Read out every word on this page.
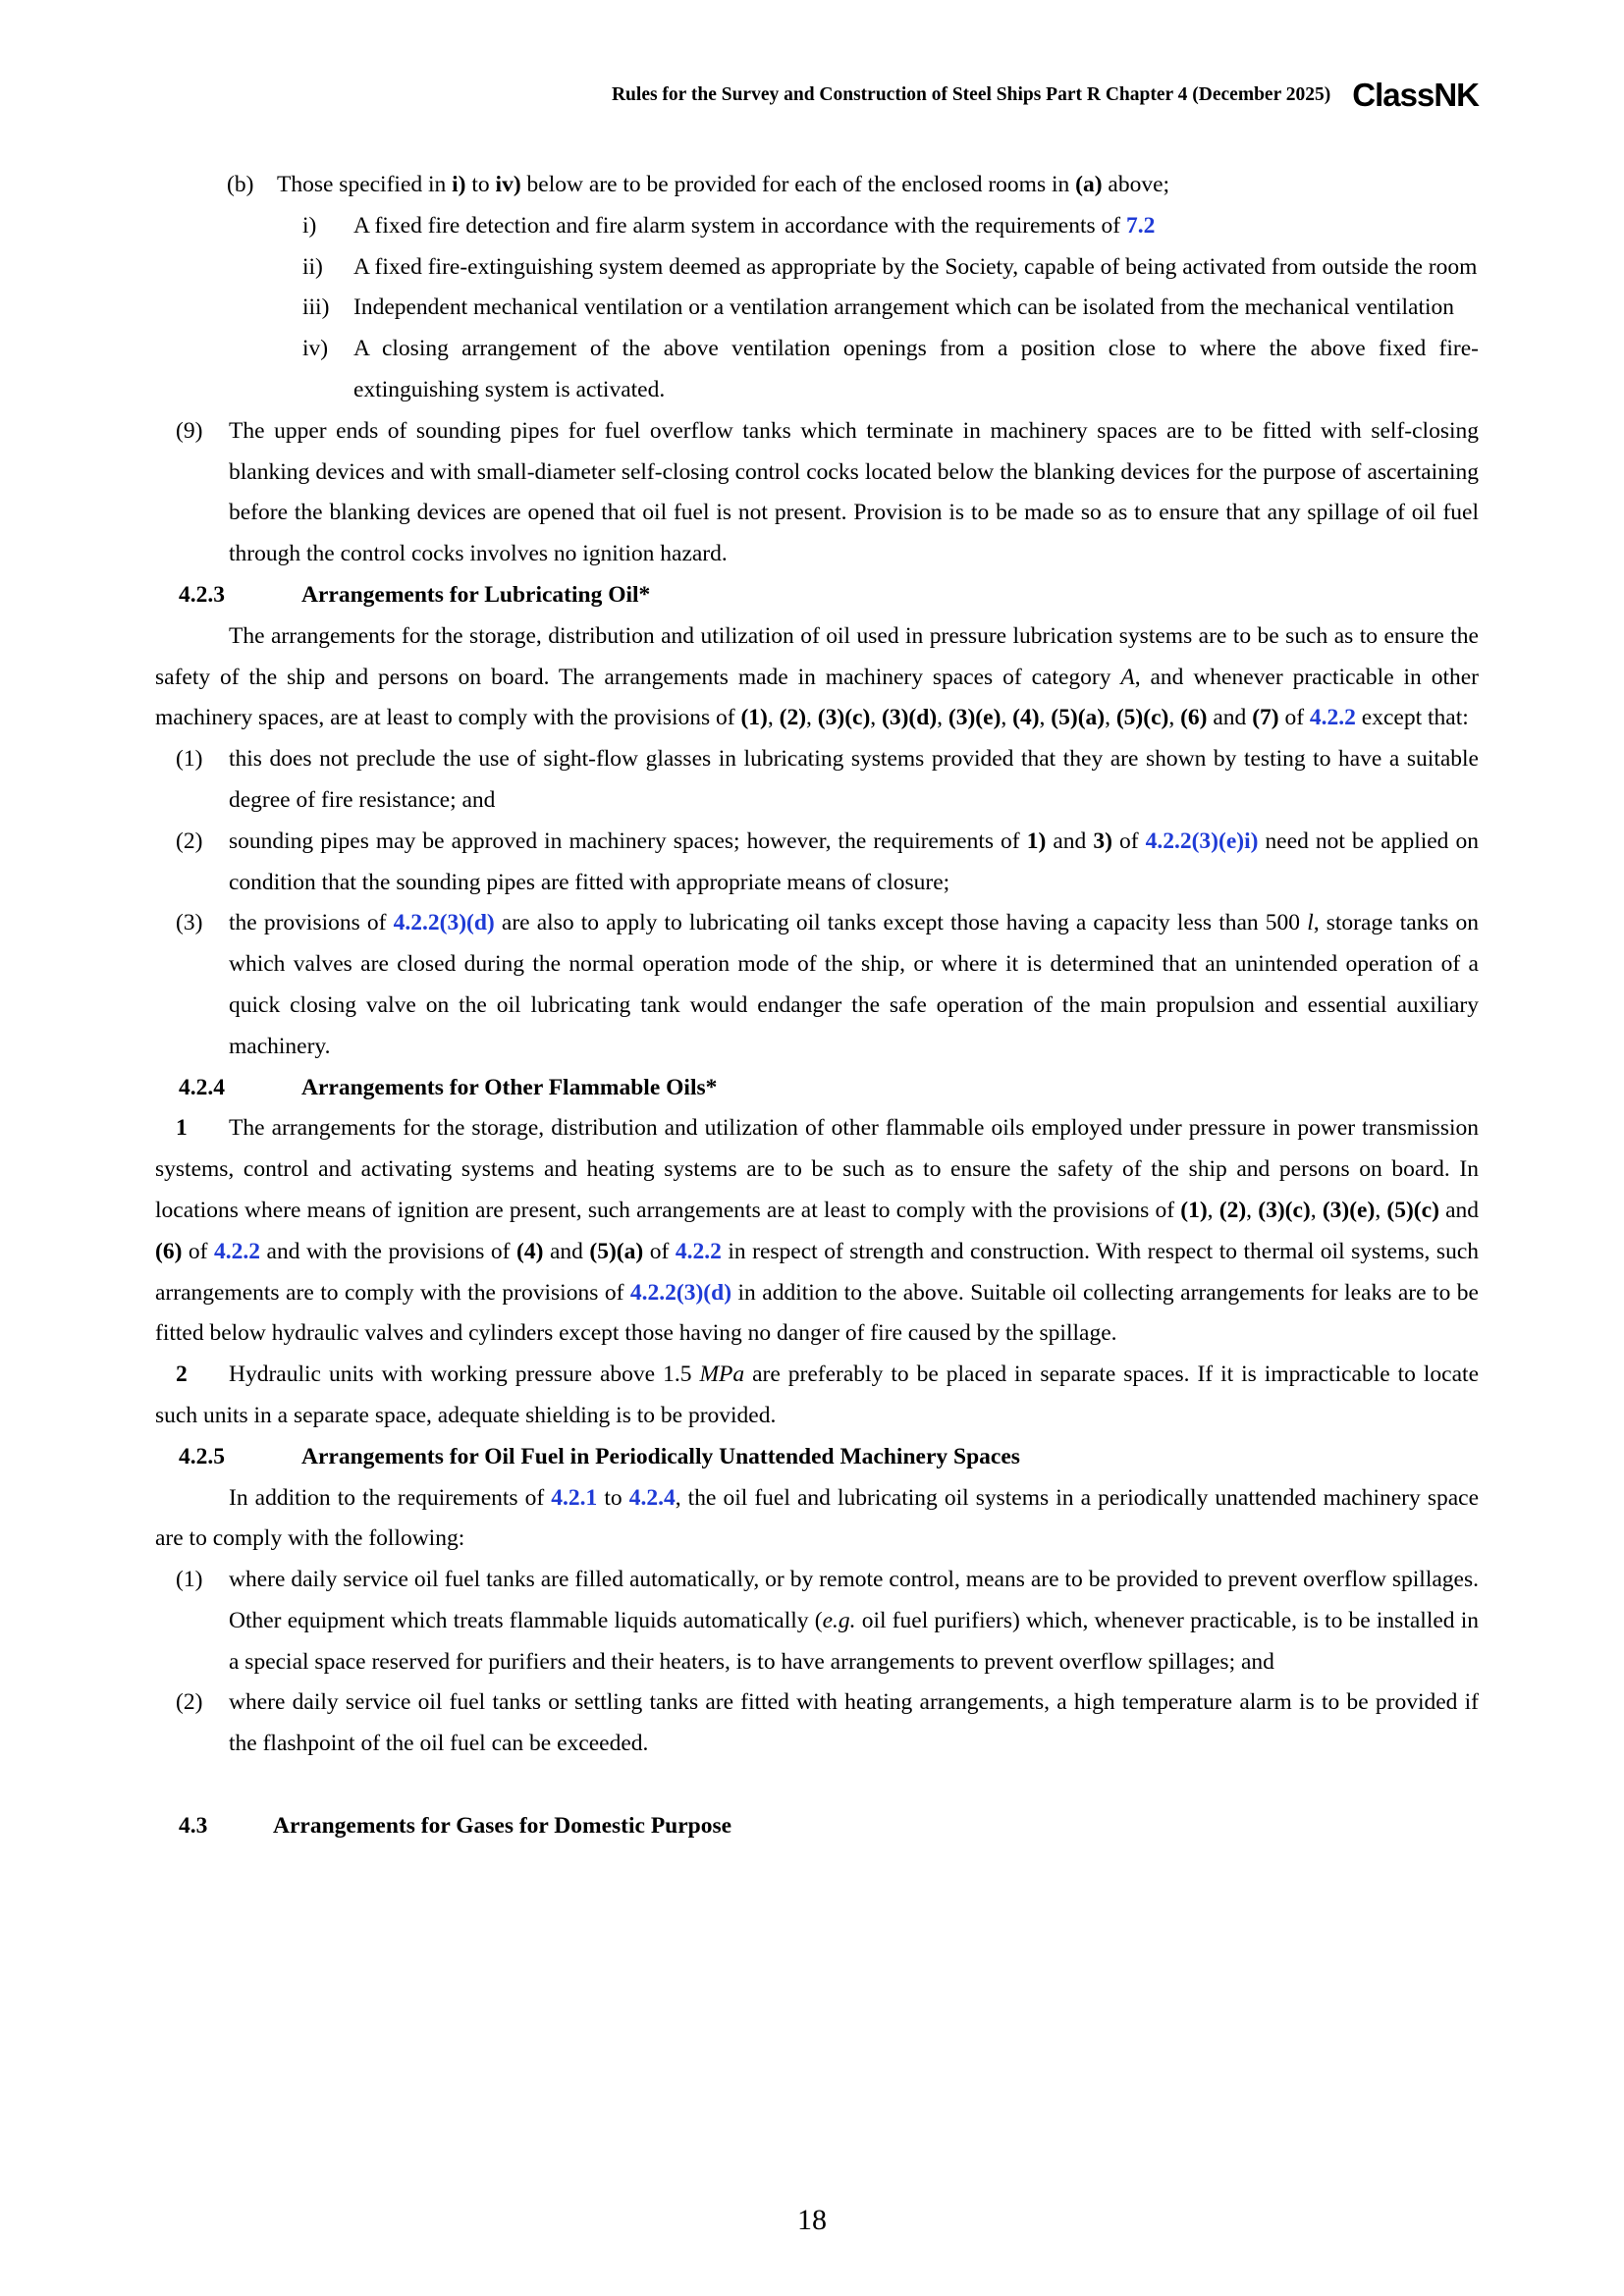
Rules for the Survey and Construction of Steel Ships Part R Chapter 4 (December 2025) ClassNK
(b)	Those specified in i) to iv) below are to be provided for each of the enclosed rooms in (a) above;
i)	A fixed fire detection and fire alarm system in accordance with the requirements of 7.2
ii)	A fixed fire-extinguishing system deemed as appropriate by the Society, capable of being activated from outside the room
iii)	Independent mechanical ventilation or a ventilation arrangement which can be isolated from the mechanical ventilation
iv)	A closing arrangement of the above ventilation openings from a position close to where the above fixed fire-extinguishing system is activated.
(9)	The upper ends of sounding pipes for fuel overflow tanks which terminate in machinery spaces are to be fitted with self-closing blanking devices and with small-diameter self-closing control cocks located below the blanking devices for the purpose of ascertaining before the blanking devices are opened that oil fuel is not present. Provision is to be made so as to ensure that any spillage of oil fuel through the control cocks involves no ignition hazard.
4.2.3	Arrangements for Lubricating Oil*

The arrangements for the storage, distribution and utilization of oil used in pressure lubrication systems are to be such as to ensure the safety of the ship and persons on board. The arrangements made in machinery spaces of category A, and whenever practicable in other machinery spaces, are at least to comply with the provisions of (1), (2), (3)(c), (3)(d), (3)(e), (4), (5)(a), (5)(c), (6) and (7) of 4.2.2 except that:

(1)	this does not preclude the use of sight-flow glasses in lubricating systems provided that they are shown by testing to have a suitable degree of fire resistance; and
(2)	sounding pipes may be approved in machinery spaces; however, the requirements of 1) and 3) of 4.2.2(3)(e)i) need not be applied on condition that the sounding pipes are fitted with appropriate means of closure;
(3)	the provisions of 4.2.2(3)(d) are also to apply to lubricating oil tanks except those having a capacity less than 500 l, storage tanks on which valves are closed during the normal operation mode of the ship, or where it is determined that an unintended operation of a quick closing valve on the oil lubricating tank would endanger the safe operation of the main propulsion and essential auxiliary machinery.
4.2.4	Arrangements for Other Flammable Oils*

1 The arrangements for the storage, distribution and utilization of other flammable oils employed under pressure in power transmission systems, control and activating systems and heating systems are to be such as to ensure the safety of the ship and persons on board. In locations where means of ignition are present, such arrangements are at least to comply with the provisions of (1), (2), (3)(c), (3)(e), (5)(c) and (6) of 4.2.2 and with the provisions of (4) and (5)(a) of 4.2.2 in respect of strength and construction. With respect to thermal oil systems, such arrangements are to comply with the provisions of 4.2.2(3)(d) in addition to the above. Suitable oil collecting arrangements for leaks are to be fitted below hydraulic valves and cylinders except those having no danger of fire caused by the spillage.

2 Hydraulic units with working pressure above 1.5 MPa are preferably to be placed in separate spaces. If it is impracticable to locate such units in a separate space, adequate shielding is to be provided.

4.2.5	Arrangements for Oil Fuel in Periodically Unattended Machinery Spaces

In addition to the requirements of 4.2.1 to 4.2.4, the oil fuel and lubricating oil systems in a periodically unattended machinery space are to comply with the following:

(1)	where daily service oil fuel tanks are filled automatically, or by remote control, means are to be provided to prevent overflow spillages. Other equipment which treats flammable liquids automatically (e.g. oil fuel purifiers) which, whenever practicable, is to be installed in a special space reserved for purifiers and their heaters, is to have arrangements to prevent overflow spillages; and
(2)	where daily service oil fuel tanks or settling tanks are fitted with heating arrangements, a high temperature alarm is to be provided if the flashpoint of the oil fuel can be exceeded.
4.3	Arrangements for Gases for Domestic Purpose
18
